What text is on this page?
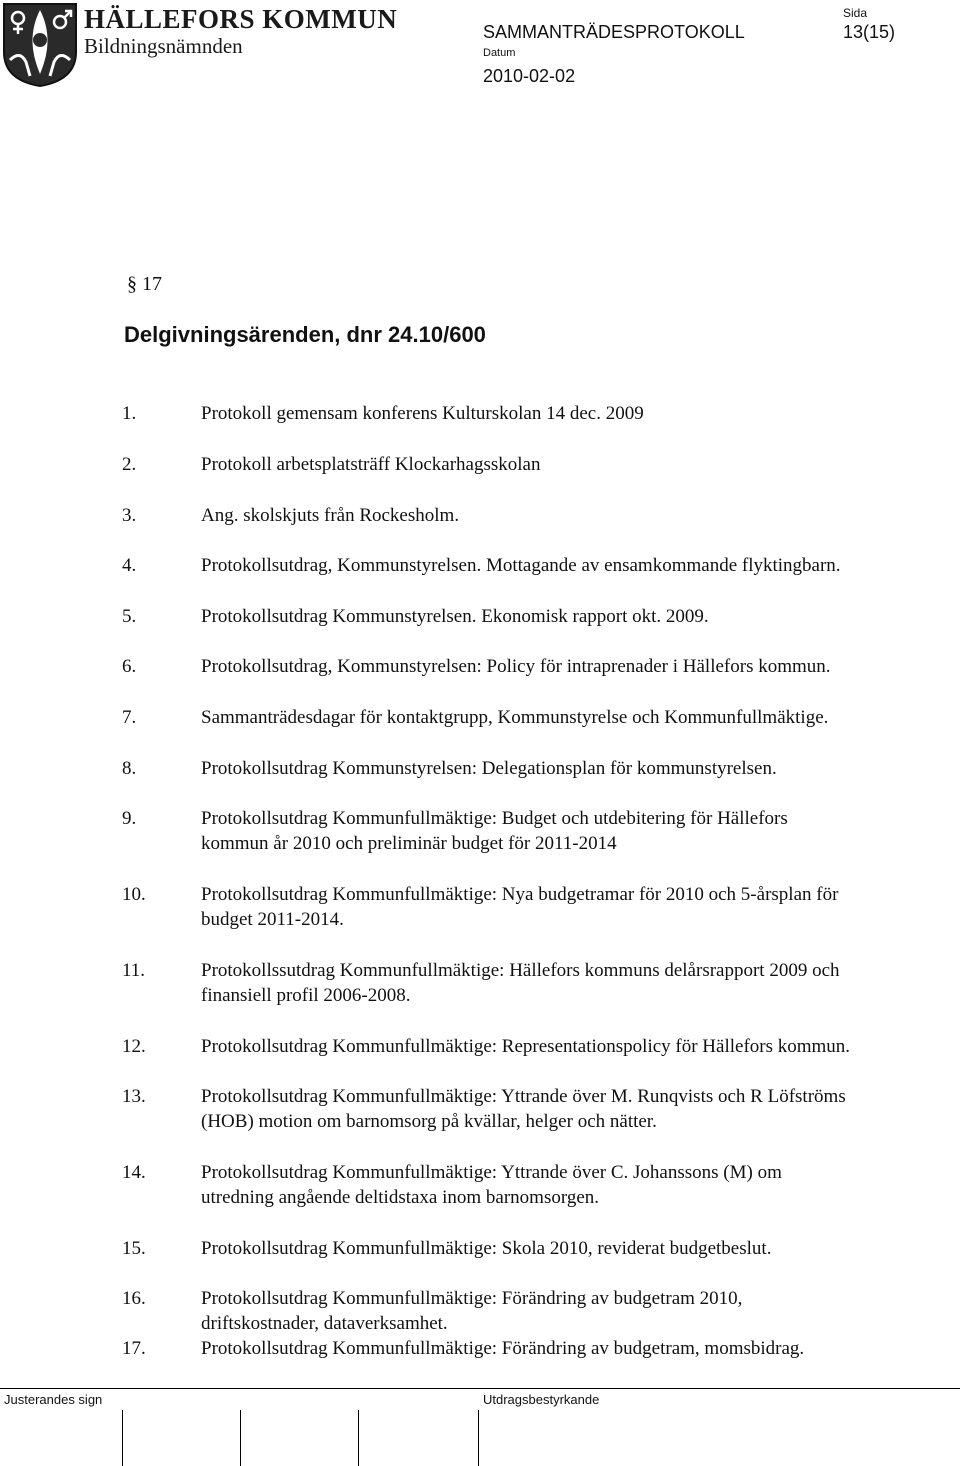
HÄLLEFORS KOMMUN
Bildningsnämnden
SAMMANTRÄDESPROTOKOLL
Sida
13(15)
Datum
2010-02-02
§ 17
Delgivningsärenden, dnr 24.10/600
1.	Protokoll gemensam konferens Kulturskolan 14 dec. 2009
2.	Protokoll arbetsplatsträff Klockarhagsskolan
3.	Ang. skolskjuts från Rockesholm.
4.	Protokollsutdrag, Kommunstyrelsen. Mottagande av ensamkommande flyktingbarn.
5.	Protokollsutdrag Kommunstyrelsen. Ekonomisk rapport okt. 2009.
6.	Protokollsutdrag, Kommunstyrelsen: Policy för intraprenader i Hällefors kommun.
7.	Sammanträdesdagar för kontaktgrupp, Kommunstyrelse och Kommunfullmäktige.
8.	Protokollsutdrag Kommunstyrelsen: Delegationsplan för kommunstyrelsen.
9.	Protokollsutdrag Kommunfullmäktige: Budget och utdebitering för Hällefors
kommun år 2010 och preliminär budget för 2011-2014
10.	Protokollsutdrag Kommunfullmäktige: Nya budgetramar för 2010 och 5-årsplan för
budget 2011-2014.
11.	Protokollssutdrag Kommunfullmäktige: Hällefors kommuns delårsrapport 2009 och
finansiell profil 2006-2008.
12.	Protokollsutdrag Kommunfullmäktige: Representationspolicy för Hällefors kommun.
13.	Protokollsutdrag Kommunfullmäktige: Yttrande över M. Runqvists och R Löfströms
(HOB) motion om barnomsorg på kvällar, helger och nätter.
14.	Protokollsutdrag Kommunfullmäktige: Yttrande över C. Johanssons (M) om
utredning angående deltidstaxa inom barnomsorgen.
15.	Protokollsutdrag Kommunfullmäktige: Skola 2010, reviderat budgetbeslut.
16.	Protokollsutdrag Kommunfullmäktige: Förändring av budgetram 2010,
driftskostnader, dataverksamhet.
17.	Protokollsutdrag Kommunfullmäktige: Förändring av budgetram, momsbidrag.
Justerandes sign	Utdragsbestyrkande
